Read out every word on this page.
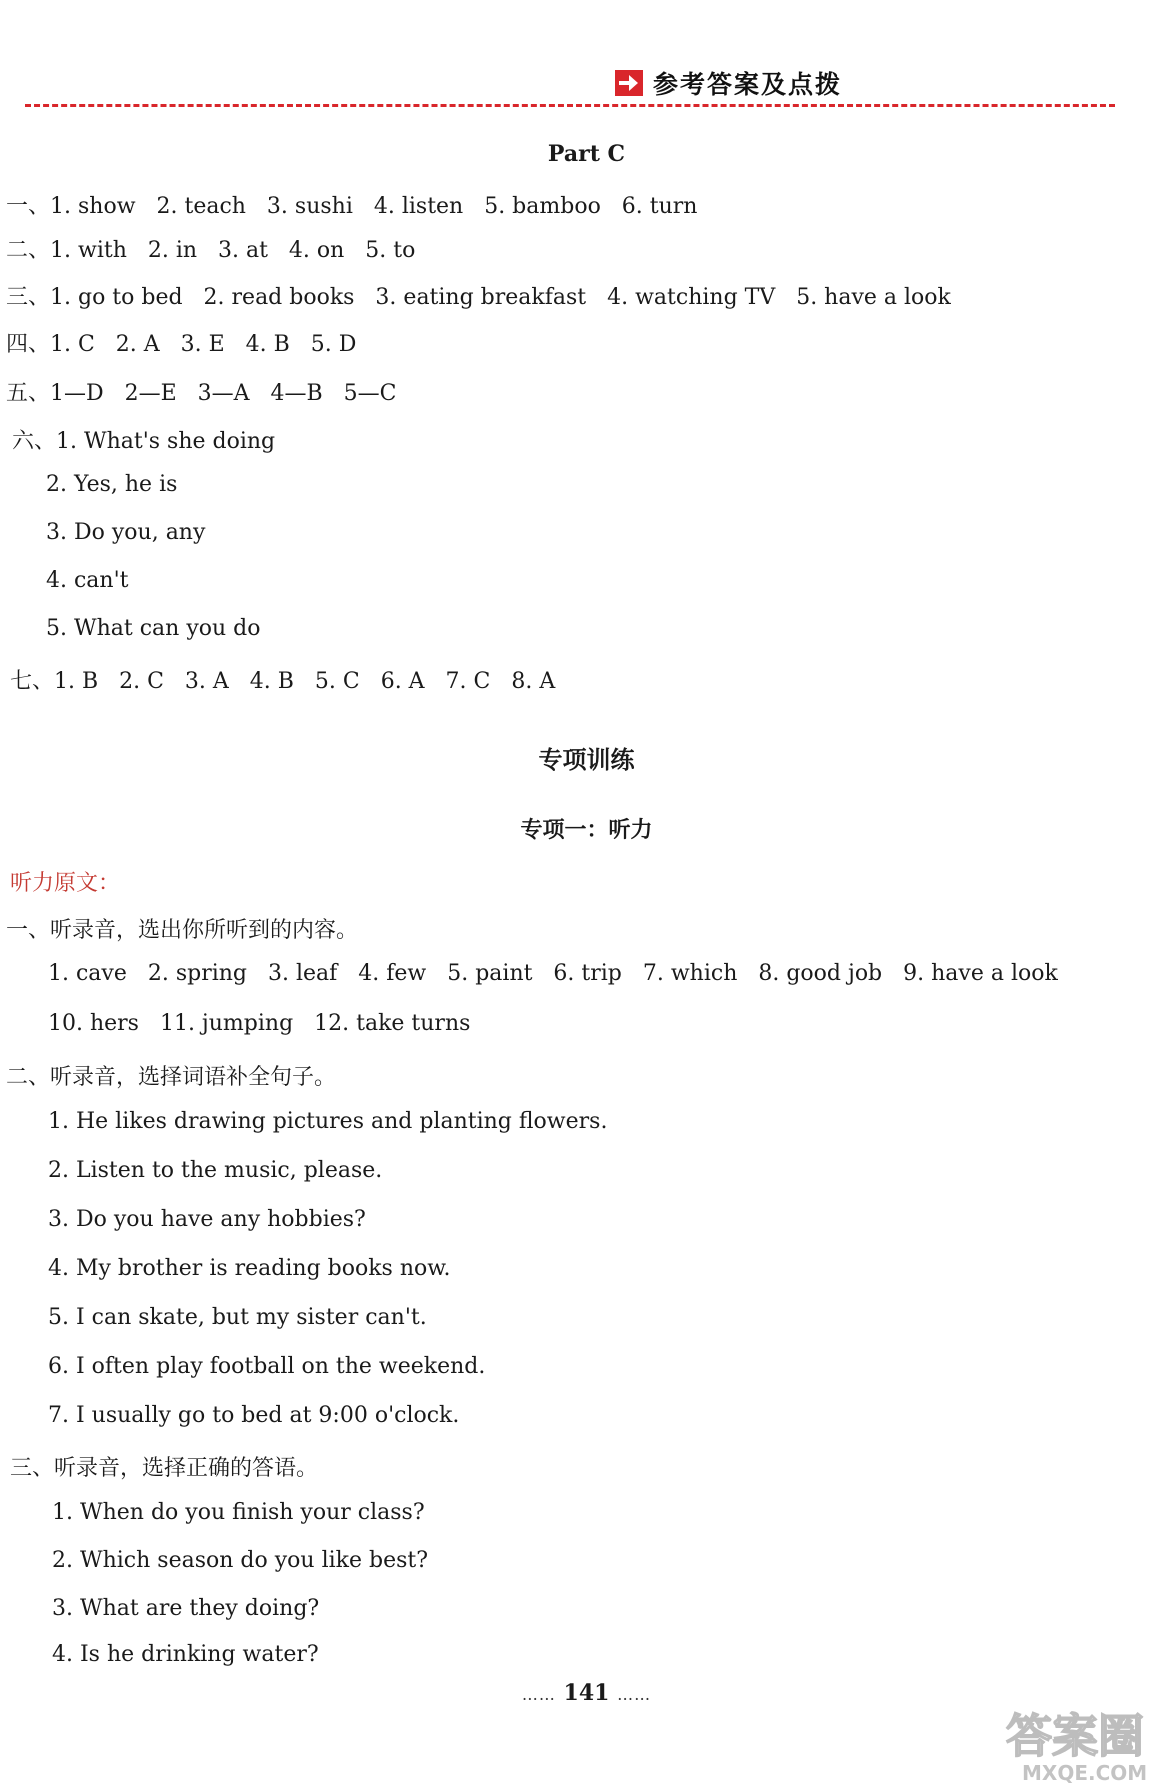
参考答案及点拨
Part C
一、1. show   2. teach   3. sushi   4. listen   5. bamboo   6. turn
二、1. with   2. in   3. at   4. on   5. to
三、1. go to bed   2. read books   3. eating breakfast   4. watching TV   5. have a look
四、1. C   2. A   3. E   4. B   5. D
五、1—D   2—E   3—A   4—B   5—C
六、1. What's she doing
2. Yes, he is
3. Do you, any
4. can't
5. What can you do
七、1. B   2. C   3. A   4. B   5. C   6. A   7. C   8. A
专项训练
专项一：听力
听力原文：
一、听录音，选出你所听到的内容。
1. cave   2. spring   3. leaf   4. few   5. paint   6. trip   7. which   8. good job   9. have a look
10. hers   11. jumping   12. take turns
二、听录音，选择词语补全句子。
1. He likes drawing pictures and planting flowers.
2. Listen to the music, please.
3. Do you have any hobbies?
4. My brother is reading books now.
5. I can skate, but my sister can't.
6. I often play football on the weekend.
7. I usually go to bed at 9:00 o'clock.
三、听录音，选择正确的答语。
1. When do you finish your class?
2. Which season do you like best?
3. What are they doing?
4. Is he drinking water?
…… 141 ……
答案圈
MXQE.COM
